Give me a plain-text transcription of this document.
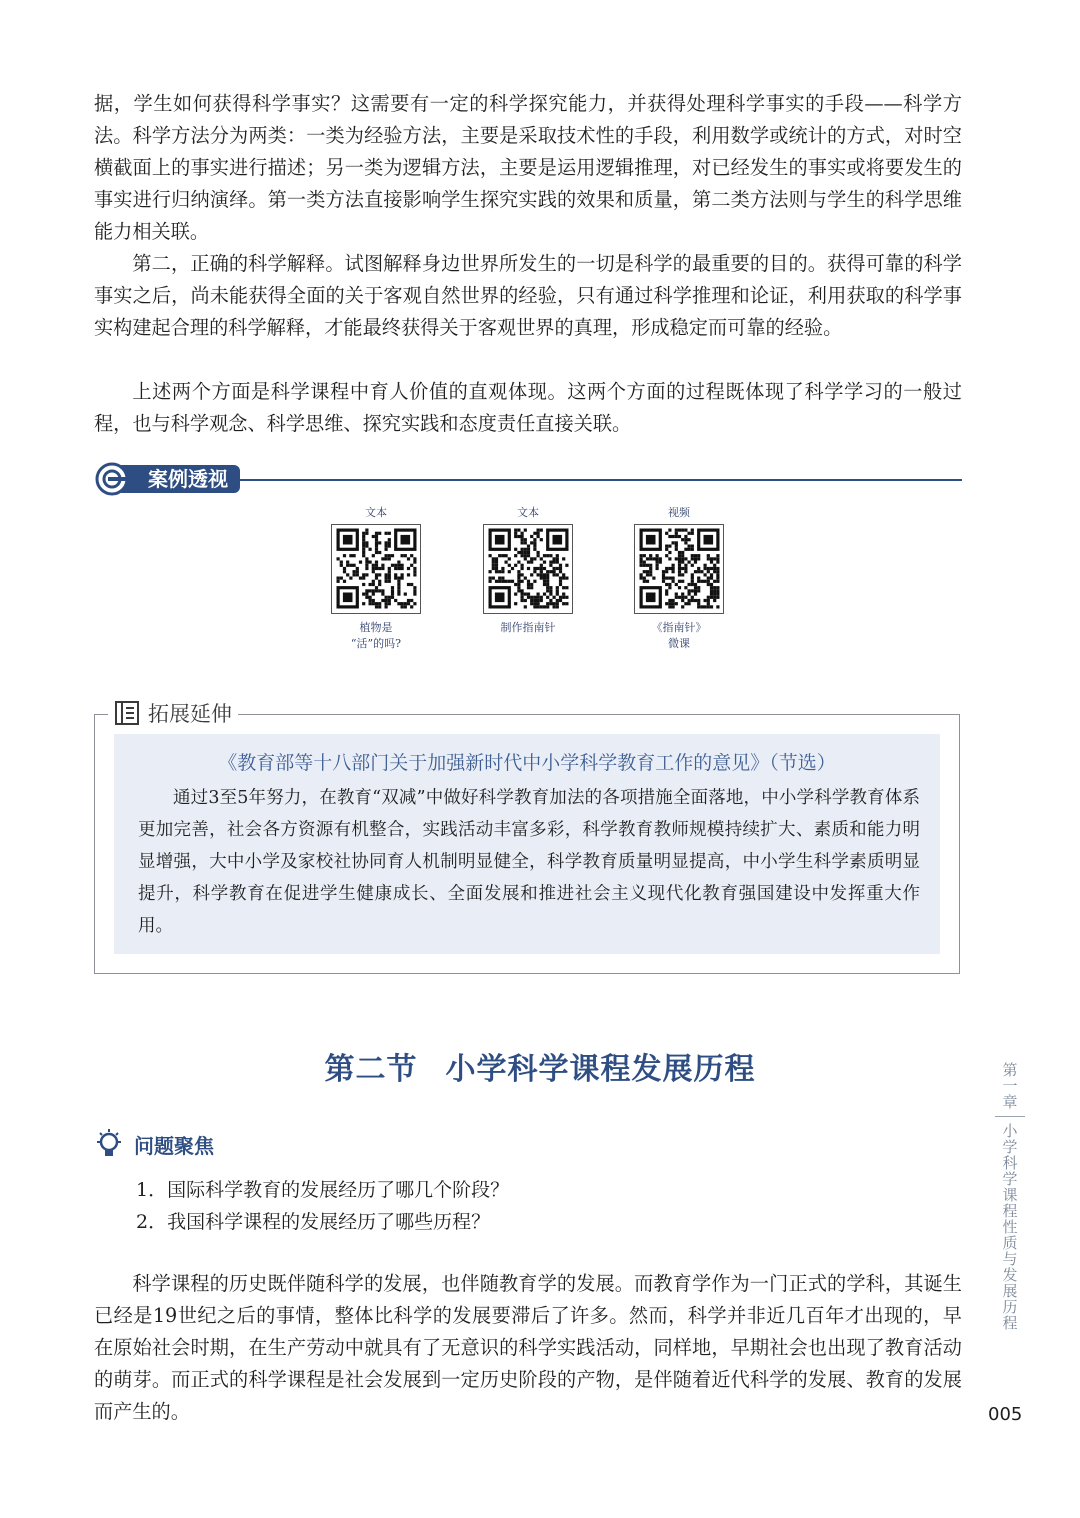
据，学生如何获得科学事实？这需要有一定的科学探究能力，并获得处理科学事实的手段——科学方法。科学方法分为两类：一类为经验方法，主要是采取技术性的手段，利用数学或统计的方式，对时空横截面上的事实进行描述；另一类为逻辑方法，主要是运用逻辑推理，对已经发生的事实或将要发生的事实进行归纳演绎。第一类方法直接影响学生探究实践的效果和质量，第二类方法则与学生的科学思维能力相关联。

第二，正确的科学解释。试图解释身边世界所发生的一切是科学的最重要的目的。获得可靠的科学事实之后，尚未能获得全面的关于客观自然世界的经验，只有通过科学推理和论证，利用获取的科学事实构建起合理的科学解释，才能最终获得关于客观世界的真理，形成稳定而可靠的经验。

上述两个方面是科学课程中育人价值的直观体现。这两个方面的过程既体现了科学学习的一般过程，也与科学观念、科学思维、探究实践和态度责任直接关联。

案例透视
文本
植物是
“活”的吗?
文本
制作指南针
视频
《指南针》
微课
拓展延伸
《教育部等十八部门关于加强新时代中小学科学教育工作的意见》（节选）

通过3至5年努力，在教育“双减”中做好科学教育加法的各项措施全面落地，中小学科学教育体系更加完善，社会各方资源有机整合，实践活动丰富多彩，科学教育教师规模持续扩大、素质和能力明显增强，大中小学及家校社协同育人机制明显健全，科学教育质量明显提高，中小学生科学素质明显提升，科学教育在促进学生健康成长、全面发展和推进社会主义现代化教育强国建设中发挥重大作用。

第二节 小学科学课程发展历程
问题聚焦
1．国际科学教育的发展经历了哪几个阶段？
2．我国科学课程的发展经历了哪些历程？

科学课程的历史既伴随科学的发展，也伴随教育学的发展。而教育学作为一门正式的学科，其诞生已经是19世纪之后的事情，整体比科学的发展要滞后了许多。然而，科学并非近几百年才出现的，早在原始社会时期，在生产劳动中就具有了无意识的科学实践活动，同样地，早期社会也出现了教育活动的萌芽。而正式的科学课程是社会发展到一定历史阶段的产物，是伴随着近代科学的发展、教育的发展而产生的。

第一章
小学科学课程性质与发展历程
005
